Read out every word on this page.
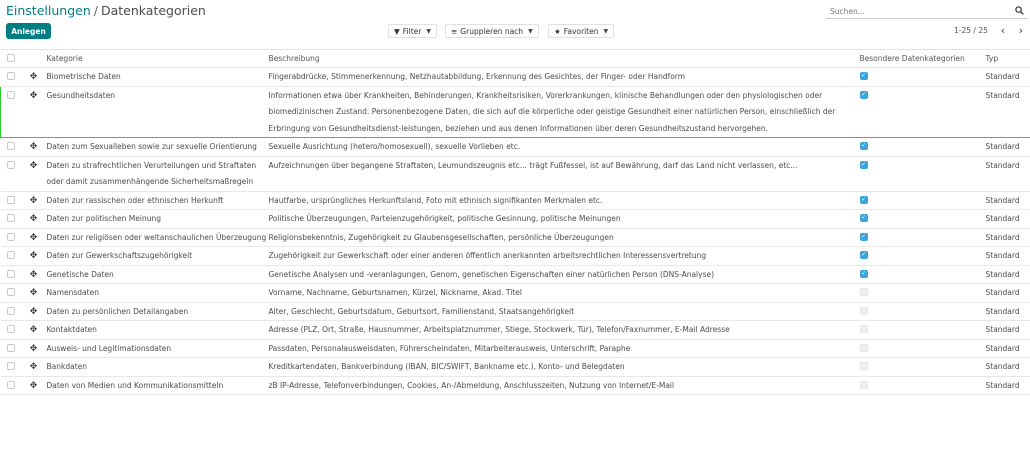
Einstellungen / Datenkategorien
Suchen...
Anlegen	▼ Filter ▼	≡ Gruppieren nach ▼	★ Favoriten ▼	1-25 / 25	‹	›
		Kategorie	Beschreibung	Besondere Datenkategorien	Typ
	✥	Biometrische Daten	Fingerabdrücke, Stimmenerkennung, Netzhautabbildung, Erkennung des Gesichtes, der Finger- oder Handform	✓	Standard
	✥	Gesundheitsdaten	Informationen etwa über Krankheiten, Behinderungen, Krankheitsrisiken, Vorerkrankungen, klinische Behandlungen oder den physiologischen oder biomedizinischen Zustand. Personenbezogene Daten, die sich auf die körperliche oder geistige Gesundheit einer natürlichen Person, einschließlich der Erbringung von Gesundheitsdienst-leistungen, beziehen und aus denen Informationen über deren Gesundheitszustand hervorgehen.	✓	Standard
	✥	Daten zum Sexualleben sowie zur sexuelle Orientierung	Sexuelle Ausrichtung (hetero/homosexuell), sexuelle Vorlieben etc.	✓	Standard
	✥	Daten zu strafrechtlichen Verurteilungen und Straftaten oder damit zusammenhängende Sicherheitsmaßregeln	Aufzeichnungen über begangene Straftaten, Leumundszeugnis etc... trägt Fußfessel, ist auf Bewährung, darf das Land nicht verlassen, etc...	✓	Standard
	✥	Daten zur rassischen oder ethnischen Herkunft	Hautfarbe, ursprüngliches Herkunftsland, Foto mit ethnisch signifikanten Merkmalen etc.	✓	Standard
	✥	Daten zur politischen Meinung	Politische Überzeugungen, Parteienzugehörigkeit, politische Gesinnung, politische Meinungen	✓	Standard
	✥	Daten zur religiösen oder weltanschaulichen Überzeugung	Religionsbekenntnis, Zugehörigkeit zu Glaubensgesellschaften, persönliche Überzeugungen	✓	Standard
	✥	Daten zur Gewerkschaftszugehörigkeit	Zugehörigkeit zur Gewerkschaft oder einer anderen öffentlich anerkannten arbeitsrechtlichen Interessensvertretung	✓	Standard
	✥	Genetische Daten	Genetische Analysen und -veranlagungen, Genom, genetischen Eigenschaften einer natürlichen Person (DNS-Analyse)	✓	Standard
	✥	Namensdaten	Vorname, Nachname, Geburtsnamen, Kürzel, Nickname, Akad. Titel		Standard
	✥	Daten zu persönlichen Detailangaben	Alter, Geschlecht, Geburtsdatum, Geburtsort, Familienstand, Staatsangehörigkeit		Standard
	✥	Kontaktdaten	Adresse (PLZ, Ort, Straße, Hausnummer, Arbeitsplatznummer, Stiege, Stockwerk, Tür), Telefon/Faxnummer, E-Mail Adresse		Standard
	✥	Ausweis- und Legitimationsdaten	Passdaten, Personalausweisdaten, Führerscheindaten, Mitarbeiterausweis, Unterschrift, Paraphe		Standard
	✥	Bankdaten	Kreditkartendaten, Bankverbindung (IBAN, BIC/SWIFT, Bankname etc.), Konto- und Belegdaten		Standard
	✥	Daten von Medien und Kommunikationsmitteln	zB IP-Adresse, Telefonverbindungen, Cookies, An-/Abmeldung, Anschlusszeiten, Nutzung von Internet/E-Mail		Standard
